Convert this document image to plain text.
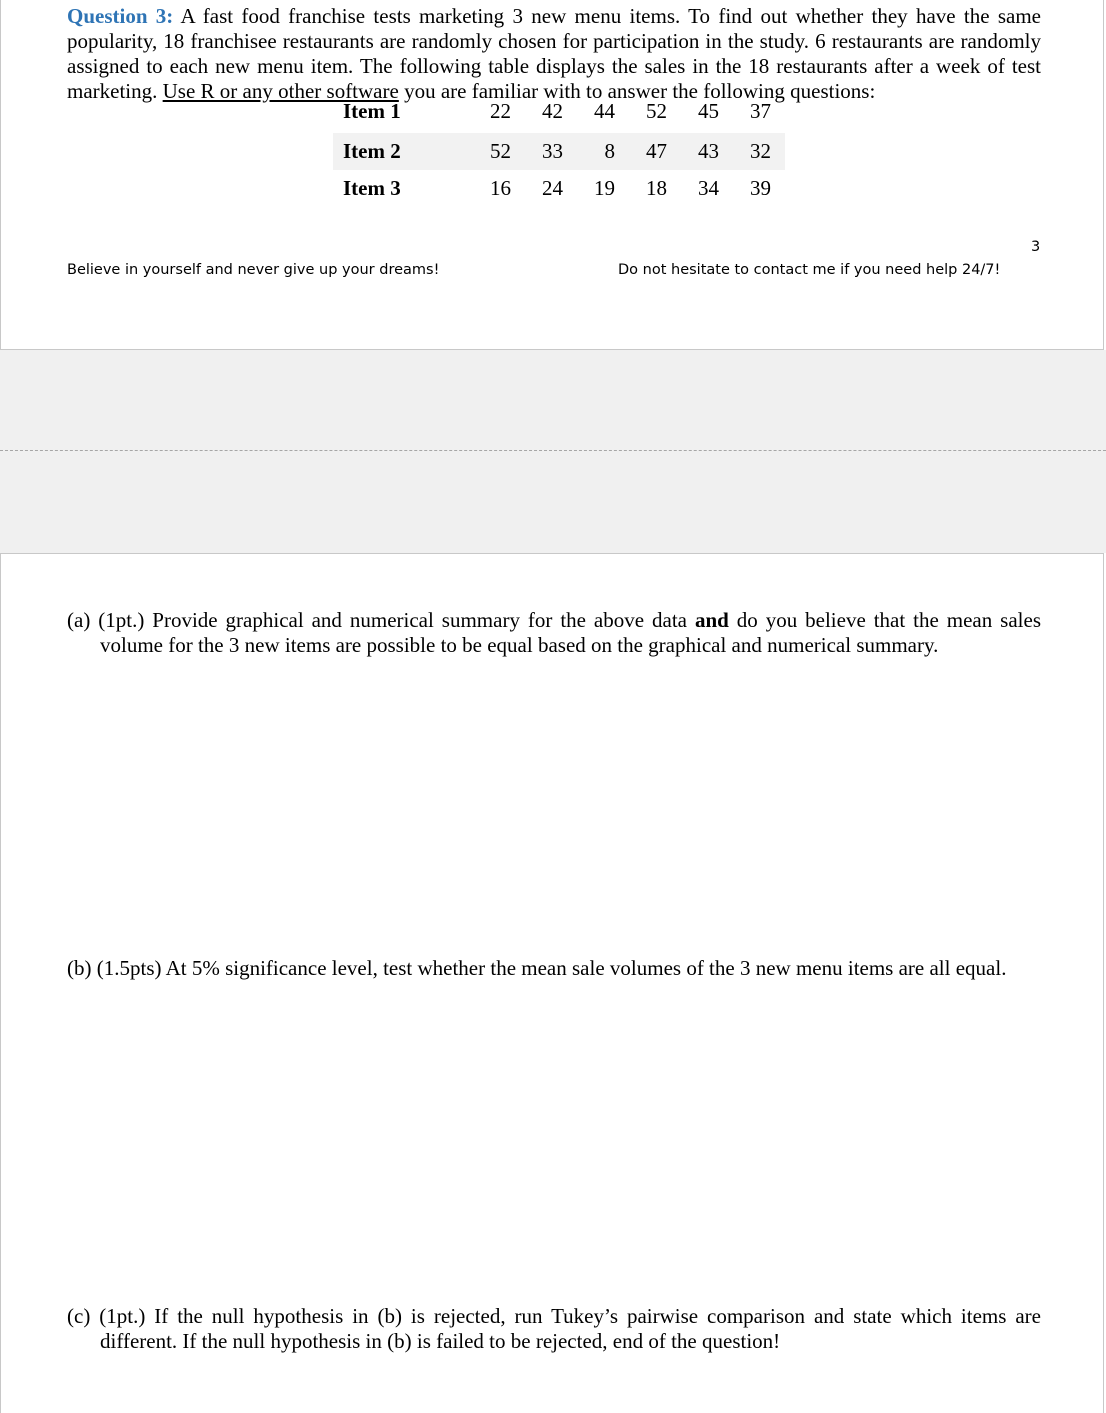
Question 3: A fast food franchise tests marketing 3 new menu items. To find out whether they have the same popularity, 18 franchisee restaurants are randomly chosen for participation in the study. 6 restaurants are randomly assigned to each new menu item. The following table displays the sales in the 18 restaurants after a week of test marketing. Use R or any other software you are familiar with to answer the following questions:

Item 1		22	42	44	52	45	37
Item 2		52	33	8	47	43	32
Item 3		16	24	19	18	34	39
3
Believe in yourself and never give up your dreams!	Do not hesitate to contact me if you need help 24/7!
(a) (1pt.) Provide graphical and numerical summary for the above data and do you believe that the mean sales volume for the 3 new items are possible to be equal based on the graphical and numerical summary.
(b) (1.5pts) At 5% significance level, test whether the mean sale volumes of the 3 new menu items are all equal.
(c) (1pt.) If the null hypothesis in (b) is rejected, run Tukey’s pairwise comparison and state which items are different. If the null hypothesis in (b) is failed to be rejected, end of the question!
